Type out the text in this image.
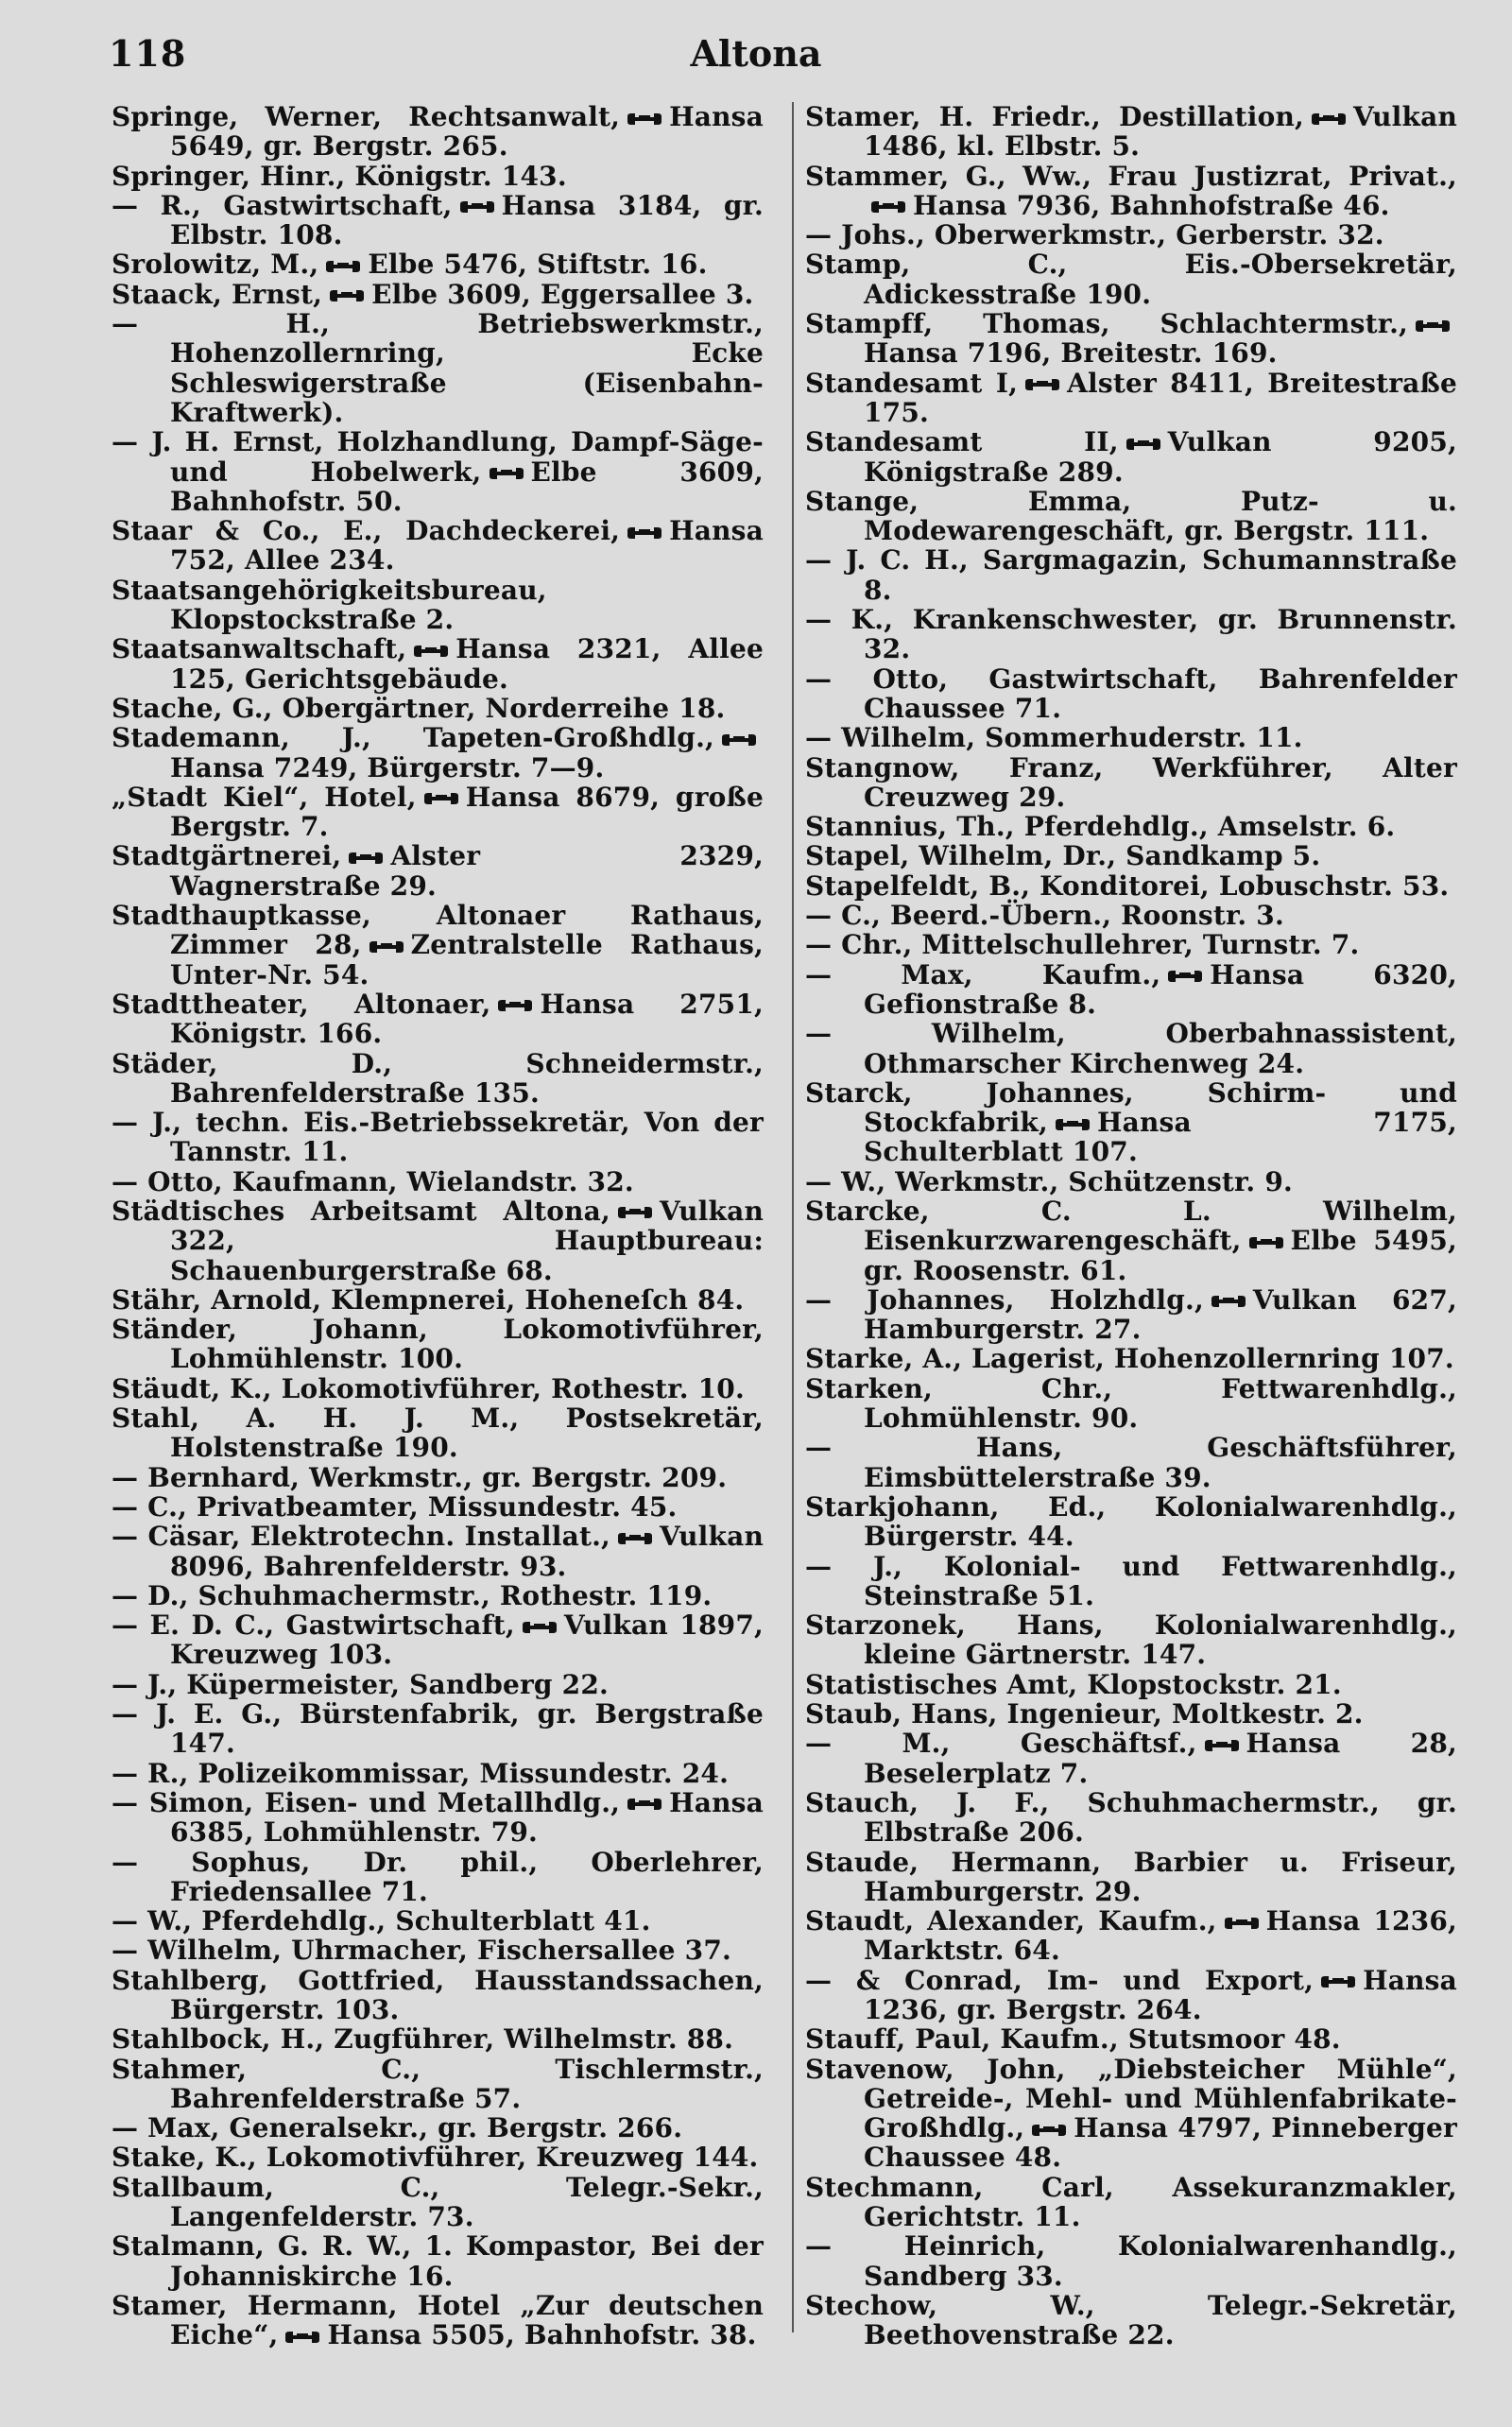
118	Altona
Springe, Werner, Rechtsanwalt, Hansa 5649, gr. Bergstr. 265.
Springer, Hinr., Königstr. 143.
— R., Gastwirtschaft, Hansa 3184, gr. Elbstr. 108.
Srolowitz, M., Elbe 5476, Stiftstr. 16.
Staack, Ernst, Elbe 3609, Eggersallee 3.
— H., Betriebswerkmstr., Hohenzollernring, Ecke Schleswigerstraße (Eisenbahn-Kraftwerk).
— J. H. Ernst, Holzhandlung, Dampf-Säge- und Hobelwerk, Elbe 3609, Bahnhofstr. 50.
Staar & Co., E., Dachdeckerei, Hansa 752, Allee 234.
Staatsangehörigkeitsbureau, Klopstockstraße 2.
Staatsanwaltschaft, Hansa 2321, Allee 125, Gerichtsgebäude.
Stache, G., Obergärtner, Norderreihe 18.
Stademann, J., Tapeten-Großhdlg.,Hansa 7249, Bürgerstr. 7—9.
„Stadt Kiel“, Hotel, Hansa 8679, große Bergstr. 7.
Stadtgärtnerei, Alster 2329, Wagnerstraße 29.
Stadthauptkasse, Altonaer Rathaus, Zimmer 28, Zentralstelle Rathaus, Unter-Nr. 54.
Stadttheater, Altonaer, Hansa 2751, Königstr. 166.
Städer, D., Schneidermstr., Bahrenfelderstraße 135.
— J., techn. Eis.-Betriebssekretär, Von der Tannstr. 11.
— Otto, Kaufmann, Wielandstr. 32.
Städtisches Arbeitsamt Altona, Vulkan 322, Hauptbureau: Schauenburgerstraße 68.
Stähr, Arnold, Klempnerei, Hoheneſch 84.
Ständer, Johann, Lokomotivführer, Lohmühlenstr. 100.
Stäudt, K., Lokomotivführer, Rothestr. 10.
Stahl, A. H. J. M., Postsekretär, Holstenstraße 190.
— Bernhard, Werkmstr., gr. Bergstr. 209.
— C., Privatbeamter, Missundestr. 45.
— Cäsar, Elektrotechn. Installat., Vulkan 8096, Bahrenfelderstr. 93.
— D., Schuhmachermstr., Rothestr. 119.
— E. D. C., Gastwirtschaft, Vulkan 1897, Kreuzweg 103.
— J., Küpermeister, Sandberg 22.
— J. E. G., Bürstenfabrik, gr. Bergstraße 147.
— R., Polizeikommissar, Missundestr. 24.
— Simon, Eisen- und Metallhdlg., Hansa 6385, Lohmühlenstr. 79.
— Sophus, Dr. phil., Oberlehrer, Friedensallee 71.
— W., Pferdehdlg., Schulterblatt 41.
— Wilhelm, Uhrmacher, Fischersallee 37.
Stahlberg, Gottfried, Hausstandssachen, Bürgerstr. 103.
Stahlbock, H., Zugführer, Wilhelmstr. 88.
Stahmer, C., Tischlermstr., Bahrenfelderstraße 57.
— Max, Generalsekr., gr. Bergstr. 266.
Stake, K., Lokomotivführer, Kreuzweg 144.
Stallbaum, C., Telegr.-Sekr., Langenfelderstr. 73.
Stalmann, G. R. W., 1. Kompastor, Bei der Johanniskirche 16.
Stamer, Hermann, Hotel „Zur deutschen Eiche“, Hansa 5505, Bahnhofstr. 38.
Stamer, H. Friedr., Destillation, Vulkan 1486, kl. Elbstr. 5.
Stammer, G., Ww., Frau Justizrat, Privat.,Hansa 7936, Bahnhofstraße 46.
— Johs., Oberwerkmstr., Gerberstr. 32.
Stamp, C., Eis.-Obersekretär, Adickesstraße 190.
Stampff, Thomas, Schlachtermstr.,Hansa 7196, Breitestr. 169.
Standesamt I, Alster 8411, Breitestraße 175.
Standesamt II, Vulkan 9205, Königstraße 289.
Stange, Emma, Putz- u. Modewarengeschäft, gr. Bergstr. 111.
— J. C. H., Sargmagazin, Schumannstraße 8.
— K., Krankenschwester, gr. Brunnenstr. 32.
— Otto, Gastwirtschaft, Bahrenfelder Chaussee 71.
— Wilhelm, Sommerhuderstr. 11.
Stangnow, Franz, Werkführer, Alter Creuzweg 29.
Stannius, Th., Pferdehdlg., Amselstr. 6.
Stapel, Wilhelm, Dr., Sandkamp 5.
Stapelfeldt, B., Konditorei, Lobuschstr. 53.
— C., Beerd.-Übern., Roonstr. 3.
— Chr., Mittelschullehrer, Turnstr. 7.
— Max, Kaufm., Hansa 6320, Gefionstraße 8.
— Wilhelm, Oberbahnassistent, Othmarscher Kirchenweg 24.
Starck, Johannes, Schirm- und Stockfabrik, Hansa 7175, Schulterblatt 107.
— W., Werkmstr., Schützenstr. 9.
Starcke, C. L. Wilhelm, Eisenkurzwarengeschäft, Elbe 5495, gr. Roosenstr. 61.
— Johannes, Holzhdlg., Vulkan 627, Hamburgerstr. 27.
Starke, A., Lagerist, Hohenzollernring 107.
Starken, Chr., Fettwarenhdlg., Lohmühlenstr. 90.
— Hans, Geschäftsführer, Eimsbüttelerstraße 39.
Starkjohann, Ed., Kolonialwarenhdlg., Bürgerstr. 44.
— J., Kolonial- und Fettwarenhdlg., Steinstraße 51.
Starzonek, Hans, Kolonialwarenhdlg., kleine Gärtnerstr. 147.
Statistisches Amt, Klopstockstr. 21.
Staub, Hans, Ingenieur, Moltkestr. 2.
— M., Geschäftsf., Hansa 28, Beselerplatz 7.
Stauch, J. F., Schuhmachermstr., gr. Elbstraße 206.
Staude, Hermann, Barbier u. Friseur, Hamburgerstr. 29.
Staudt, Alexander, Kaufm., Hansa 1236, Marktstr. 64.
— & Conrad, Im- und Export, Hansa 1236, gr. Bergstr. 264.
Stauff, Paul, Kaufm., Stutsmoor 48.
Stavenow, John, „Diebsteicher Mühle“, Getreide-, Mehl- und Mühlenfabrikate-Großhdlg., Hansa 4797, Pinneberger Chaussee 48.
Stechmann, Carl, Assekuranzmakler, Gerichtstr. 11.
— Heinrich, Kolonialwarenhandlg., Sandberg 33.
Stechow, W., Telegr.-Sekretär, Beethovenstraße 22.
